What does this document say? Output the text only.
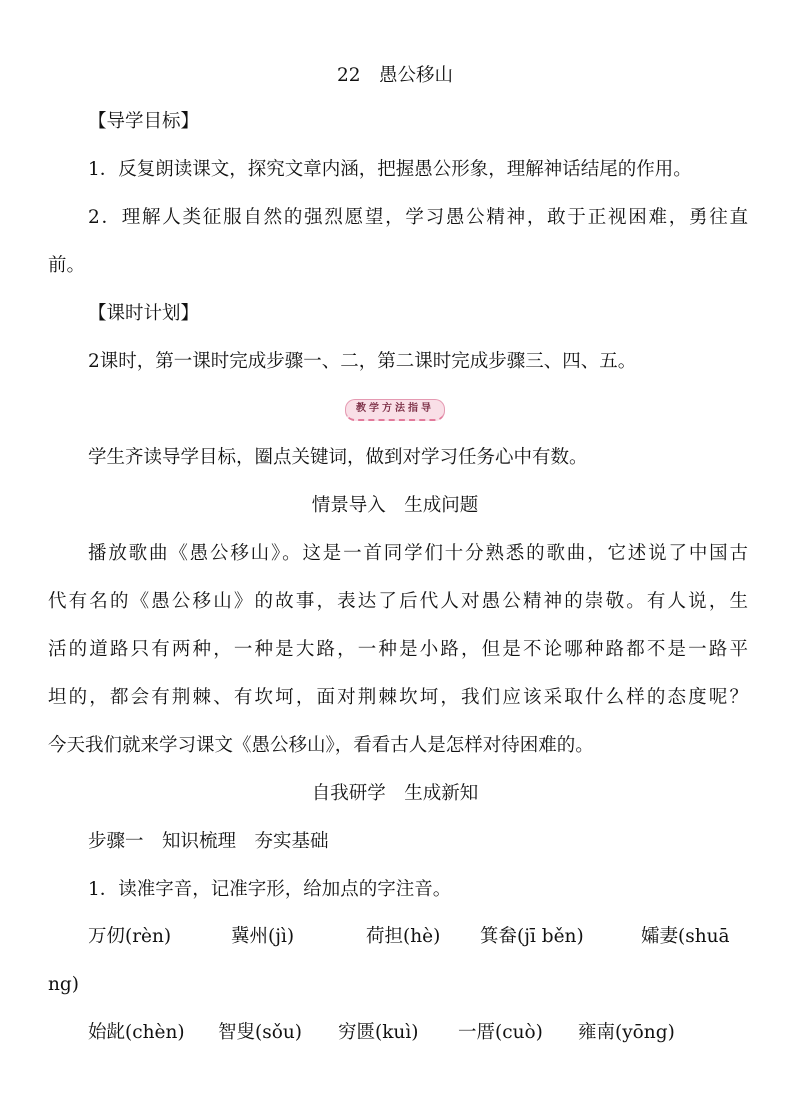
22　愚公移山
【导学目标】
1．反复朗读课文，探究文章内涵，把握愚公形象，理解神话结尾的作用。
2．理解人类征服自然的强烈愿望，学习愚公精神，敢于正视困难，勇往直
前。
【课时计划】
2课时，第一课时完成步骤一、二，第二课时完成步骤三、四、五。
教学方法指导
学生齐读导学目标，圈点关键词，做到对学习任务心中有数。
情景导入　生成问题
播放歌曲《愚公移山》。这是一首同学们十分熟悉的歌曲，它述说了中国古
代有名的《愚公移山》的故事，表达了后代人对愚公精神的崇敬。有人说，生
活的道路只有两种，一种是大路，一种是小路，但是不论哪种路都不是一路平
坦的，都会有荆棘、有坎坷，面对荆棘坎坷，我们应该采取什么样的态度呢？
今天我们就来学习课文《愚公移山》，看看古人是怎样对待困难的。
自我研学　生成新知
步骤一　知识梳理　夯实基础
1．读准字音，记准字形，给加点的字注音。
万仞(rèn)	冀州(jì)	荷担(hè) 箕畚(jī běn)	孀妻(shuā
ng)
始龀(chèn) 智叟(sǒu) 穷匮(kuì) 一厝(cuò) 雍南(yōng)
